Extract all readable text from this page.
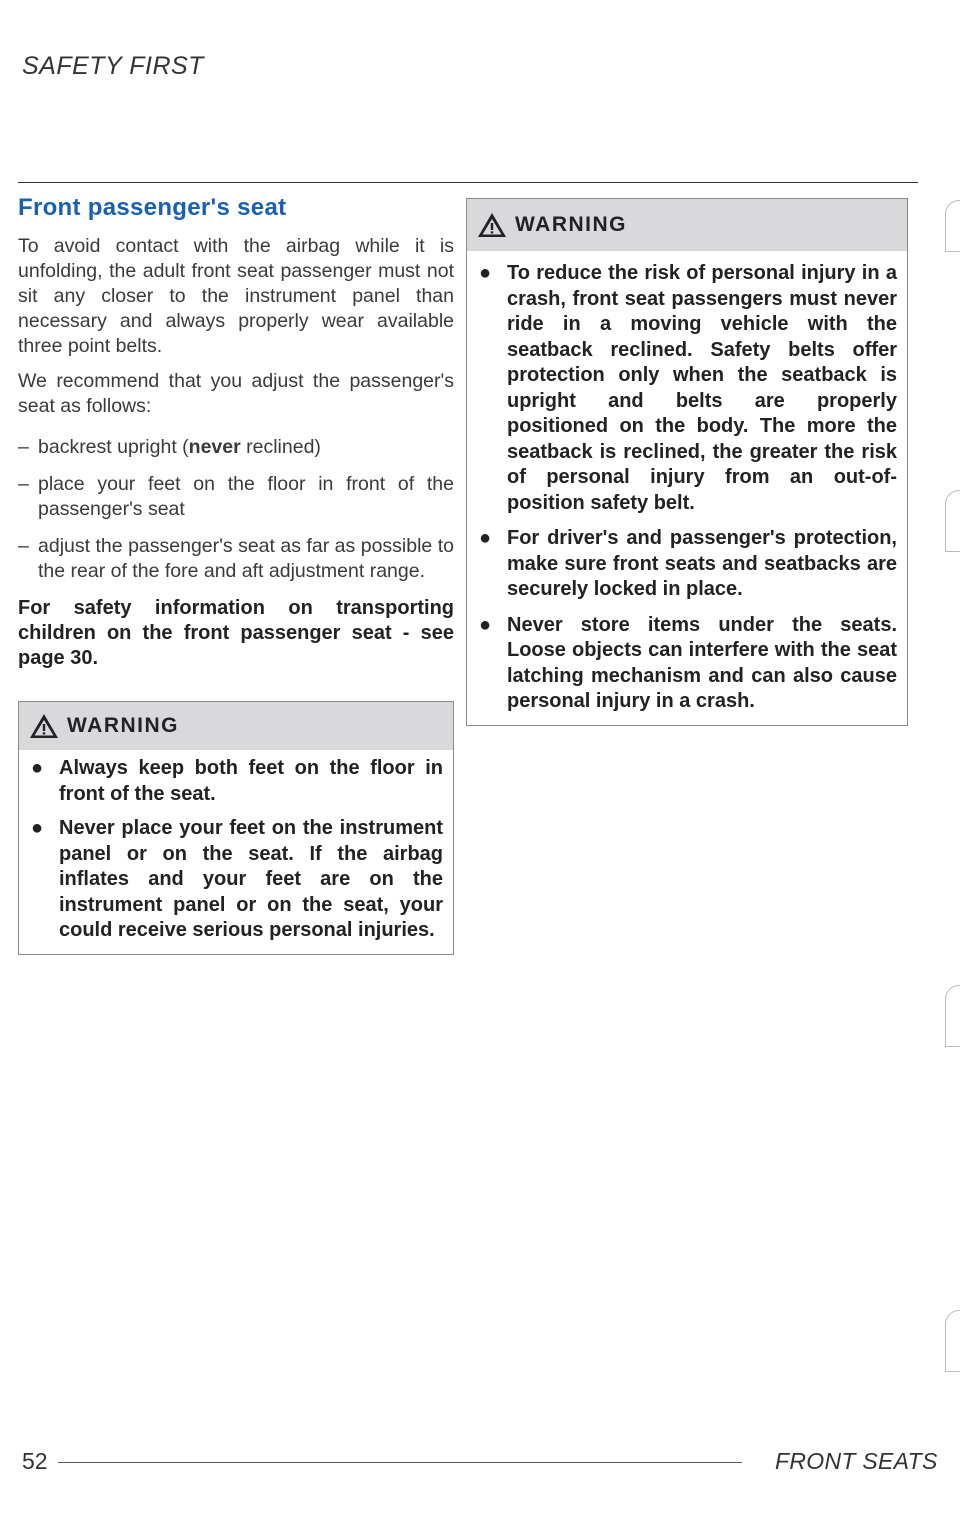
SAFETY FIRST
Front passenger's seat

To avoid contact with the airbag while it is unfolding, the adult front seat passenger must not sit any closer to the instrument panel than necessary and always properly wear available three point belts.

We recommend that you adjust the passenger's seat as follows:

– backrest upright (never reclined)
– place your feet on the floor in front of the passenger's seat
– adjust the passenger's seat as far as possible to the rear of the fore and aft adjustment range.

For safety information on transporting children on the front passenger seat - see page 30.

WARNING

● Always keep both feet on the floor in front of the seat.

● Never place your feet on the instrument panel or on the seat. If the airbag inflates and your feet are on the instrument panel or on the seat, your could receive serious personal injuries.

WARNING

● To reduce the risk of personal injury in a crash, front seat passengers must never ride in a moving vehicle with the seatback reclined. Safety belts offer protection only when the seatback is upright and belts are properly positioned on the body. The more the seatback is reclined, the greater the risk of personal injury from an out-of-position safety belt.

● For driver's and passenger's protection, make sure front seats and seatbacks are securely locked in place.

● Never store items under the seats. Loose objects can interfere with the seat latching mechanism and can also cause personal injury in a crash.

52	FRONT SEATS
